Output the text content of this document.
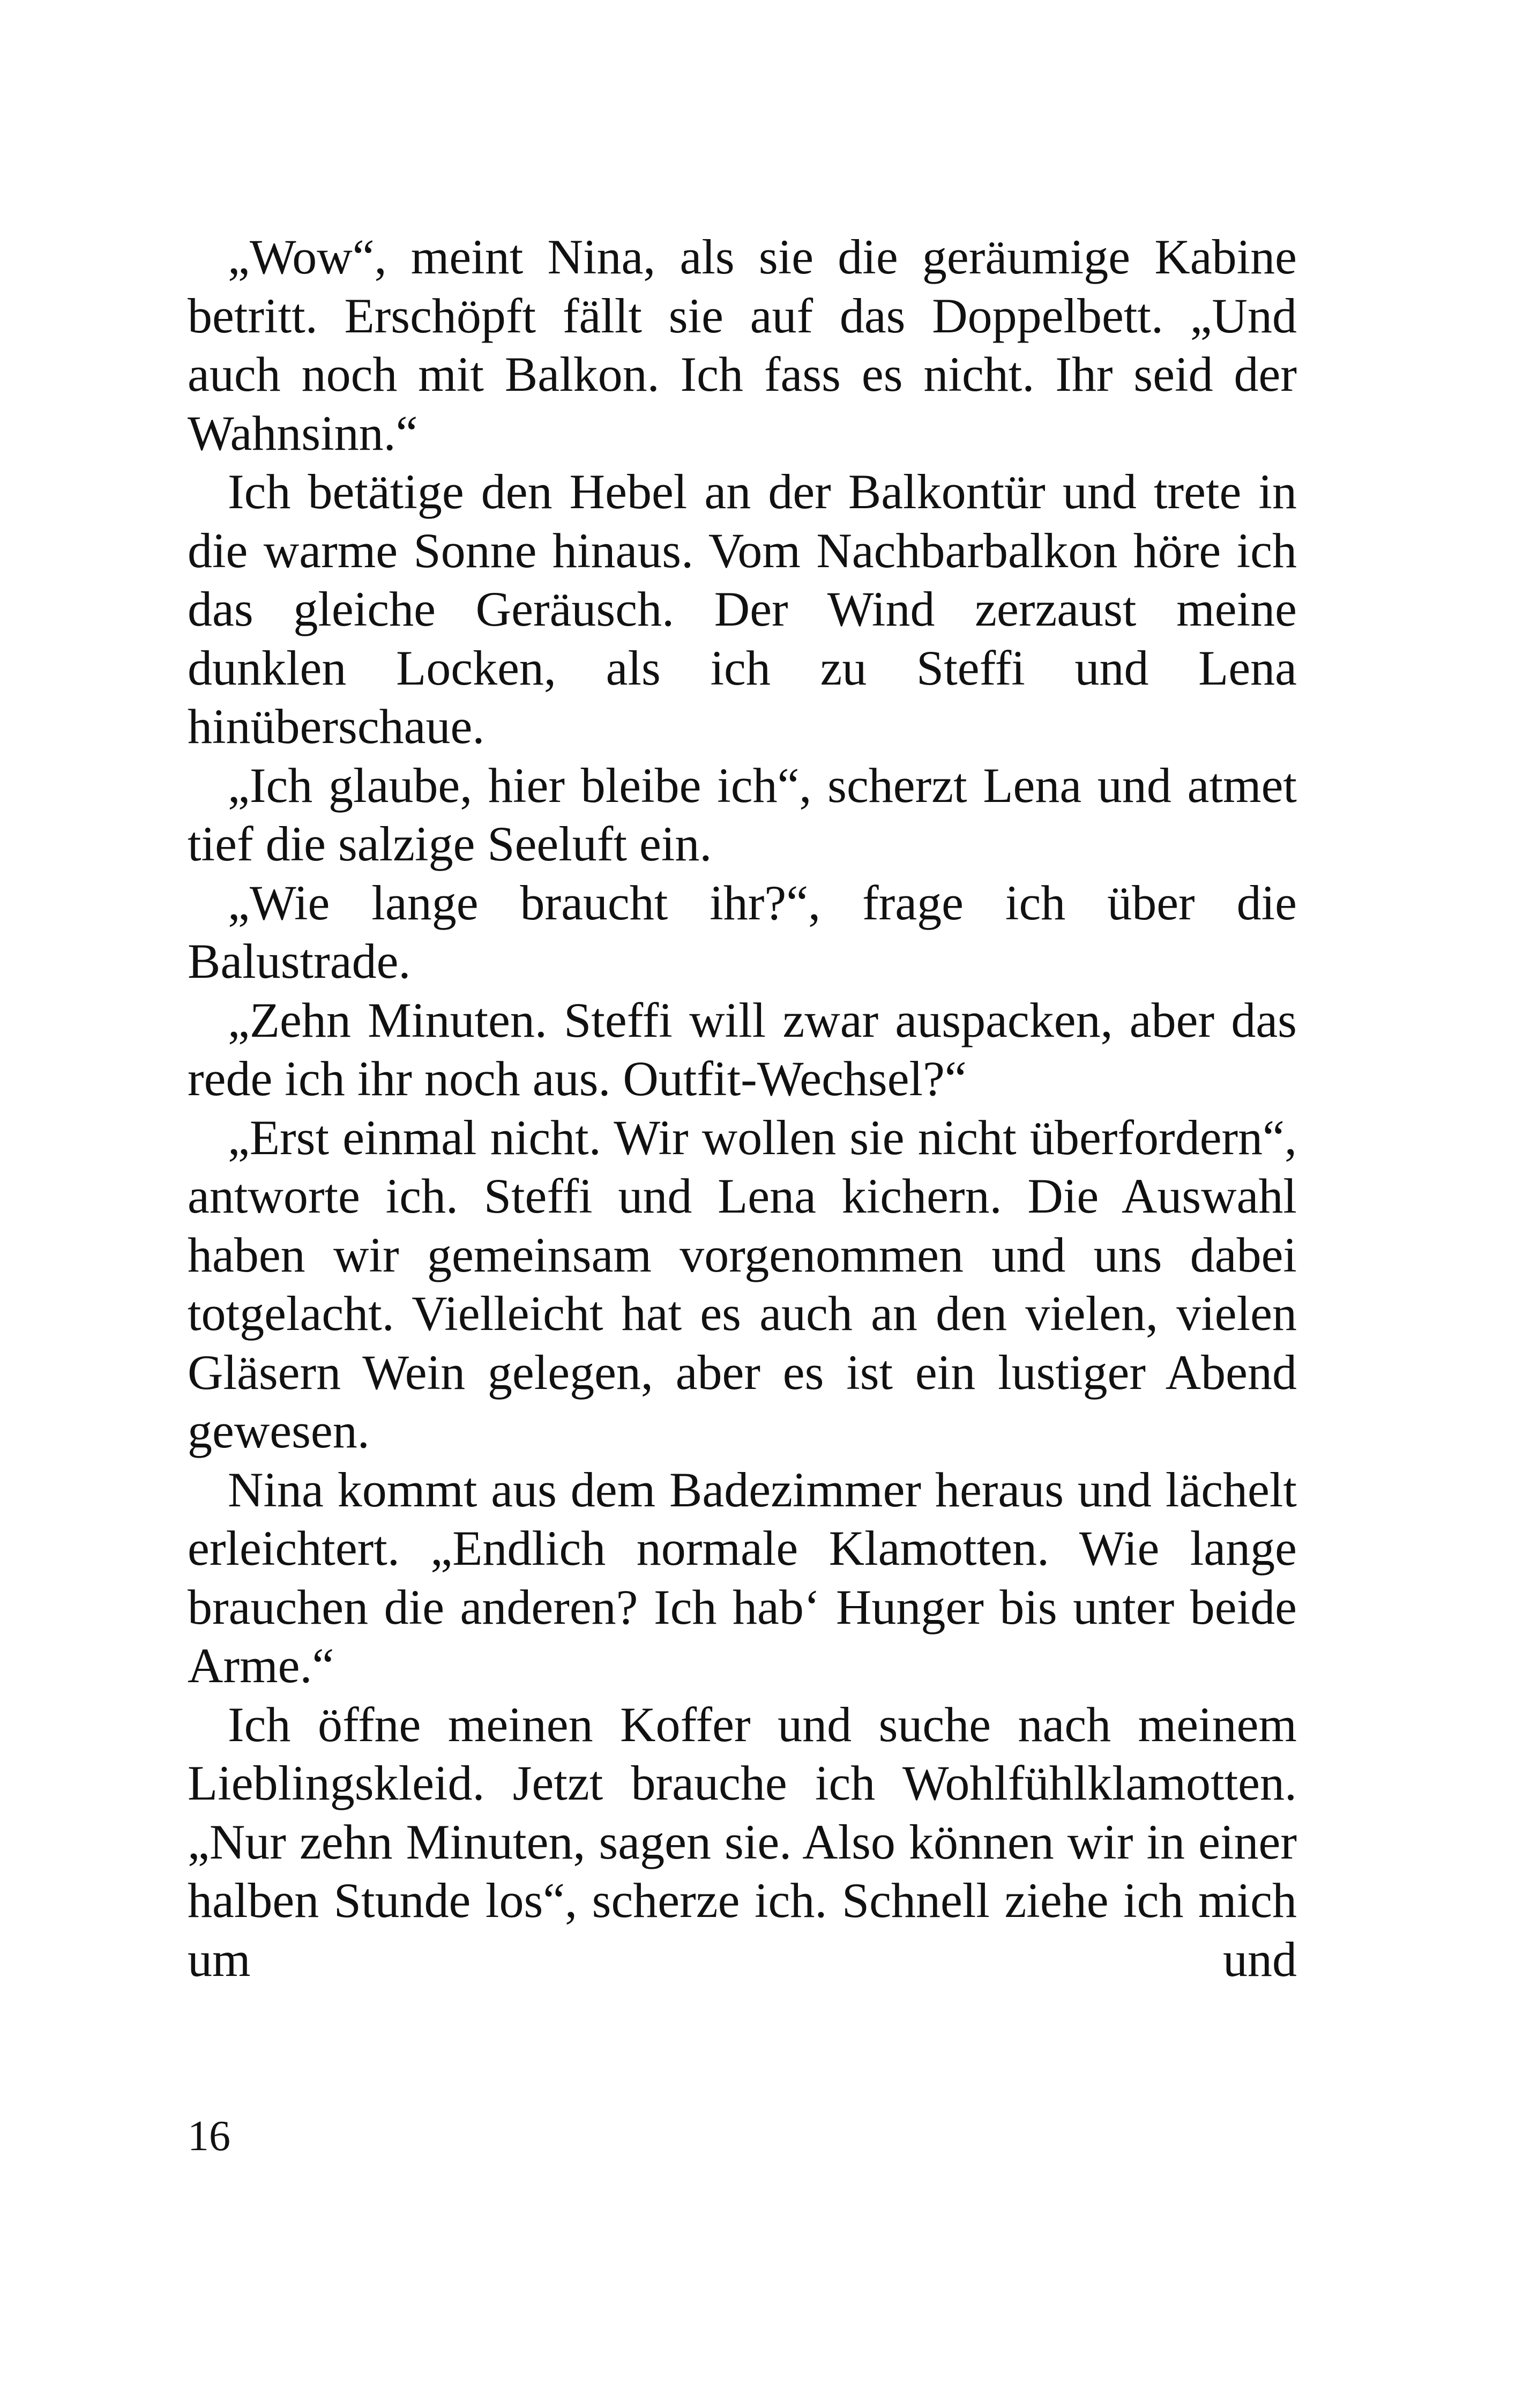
„Wow“, meint Nina, als sie die geräumige Kabine betritt. Erschöpft fällt sie auf das Doppelbett. „Und auch noch mit Balkon. Ich fass es nicht. Ihr seid der Wahnsinn.“

Ich betätige den Hebel an der Balkontür und trete in die warme Sonne hinaus. Vom Nachbarbalkon höre ich das gleiche Geräusch. Der Wind zerzaust meine dunklen Locken, als ich zu Steffi und Lena hinüberschaue.

„Ich glaube, hier bleibe ich“, scherzt Lena und atmet tief die salzige Seeluft ein.

„Wie lange braucht ihr?“, frage ich über die Balustrade.

„Zehn Minuten. Steffi will zwar auspacken, aber das rede ich ihr noch aus. Outfit-Wechsel?“

„Erst einmal nicht. Wir wollen sie nicht überfordern“, antworte ich. Steffi und Lena kichern. Die Auswahl haben wir gemeinsam vorgenommen und uns dabei totgelacht. Vielleicht hat es auch an den vielen, vielen Gläsern Wein gelegen, aber es ist ein lustiger Abend gewesen.

Nina kommt aus dem Badezimmer heraus und lächelt erleichtert. „Endlich normale Klamotten. Wie lange brauchen die anderen? Ich hab‘ Hunger bis unter beide Arme.“

Ich öffne meinen Koffer und suche nach meinem Lieblingskleid. Jetzt brauche ich Wohlfühlklamotten. „Nur zehn Minuten, sagen sie. Also können wir in einer halben Stunde los“, scherze ich. Schnell ziehe ich mich um und

16
